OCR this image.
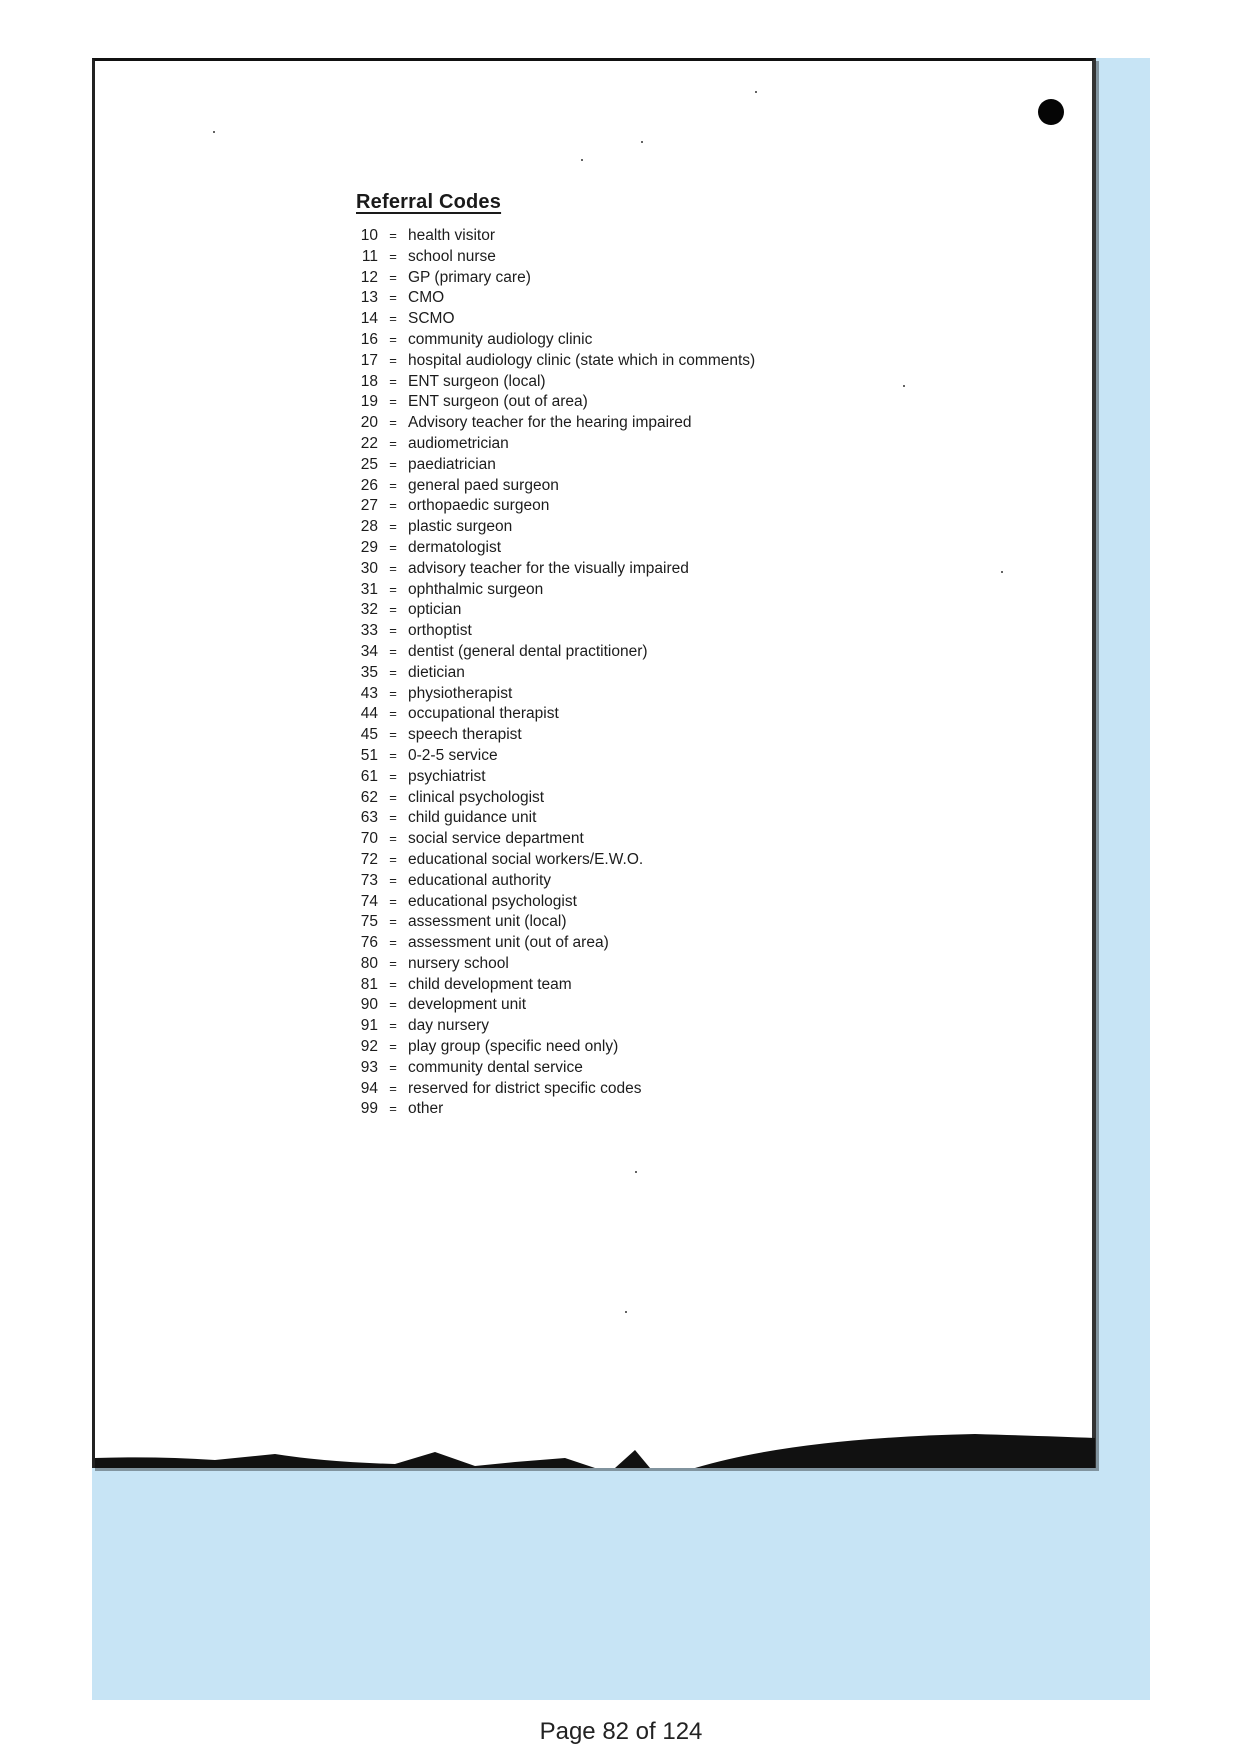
Referral Codes
10 = health visitor
11 = school nurse
12 = GP (primary care)
13 = CMO
14 = SCMO
16 = community audiology clinic
17 = hospital audiology clinic (state which in comments)
18 = ENT surgeon (local)
19 = ENT surgeon (out of area)
20 = Advisory teacher for the hearing impaired
22 = audiometrician
25 = paediatrician
26 = general paed surgeon
27 = orthopaedic surgeon
28 = plastic surgeon
29 = dermatologist
30 = advisory teacher for the visually impaired
31 = ophthalmic surgeon
32 = optician
33 = orthoptist
34 = dentist (general dental practitioner)
35 = dietician
43 = physiotherapist
44 = occupational therapist
45 = speech therapist
51 = 0-2-5 service
61 = psychiatrist
62 = clinical psychologist
63 = child guidance unit
70 = social service department
72 = educational social workers/E.W.O.
73 = educational authority
74 = educational psychologist
75 = assessment unit (local)
76 = assessment unit (out of area)
80 = nursery school
81 = child development team
90 = development unit
91 = day nursery
92 = play group (specific need only)
93 = community dental service
94 = reserved for district specific codes
99 = other
Page 82 of 124
